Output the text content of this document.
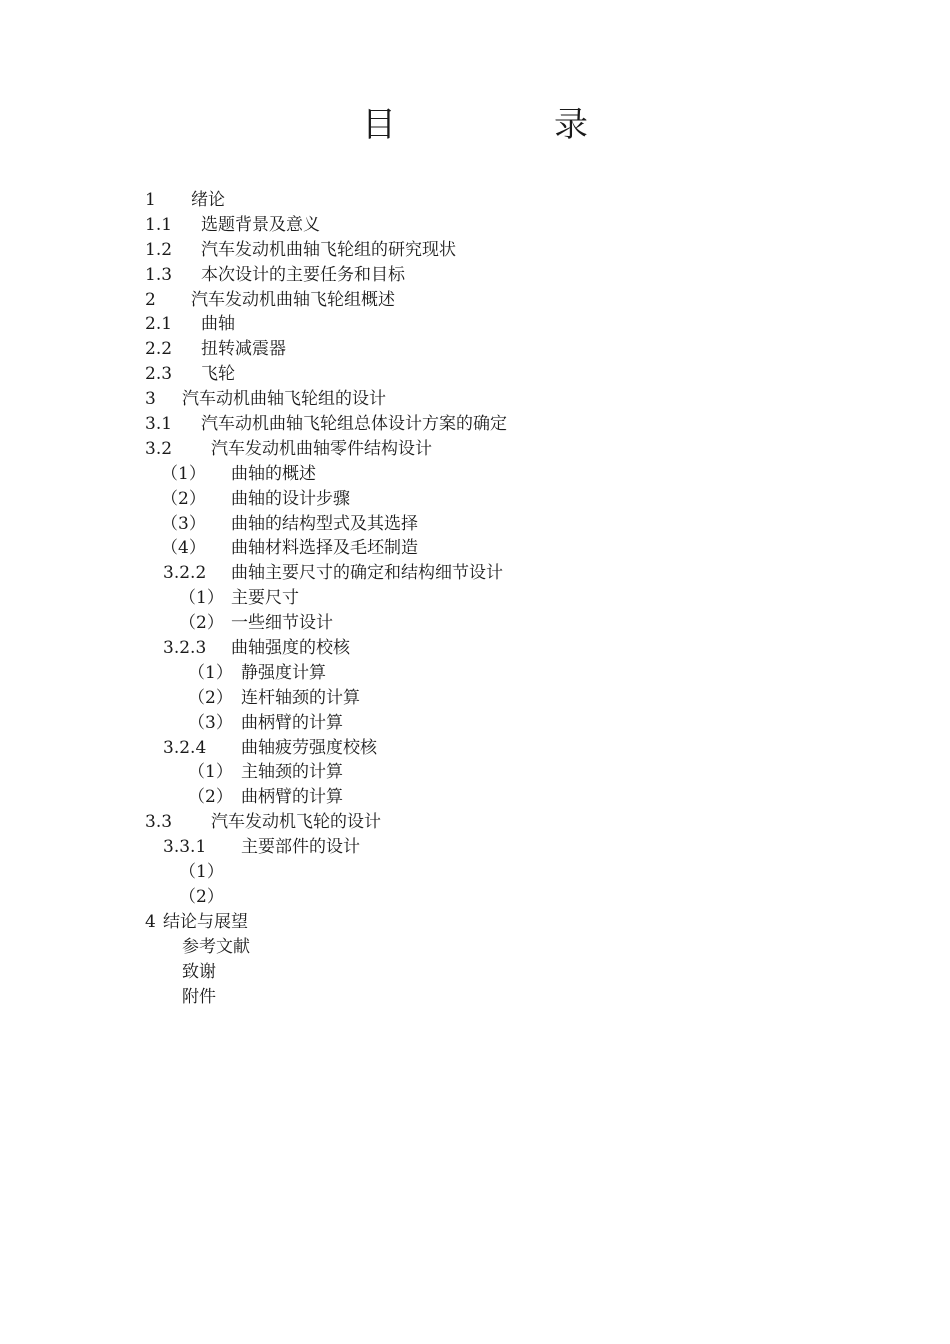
目	录
1 绪论
1.1 选题背景及意义
1.2 汽车发动机曲轴飞轮组的研究现状
1.3 本次设计的主要任务和目标
2 汽车发动机曲轴飞轮组概述
2.1 曲轴
2.2 扭转减震器
2.3 飞轮
3 汽车动机曲轴飞轮组的设计
3.1 汽车动机曲轴飞轮组总体设计方案的确定
3.2 汽车发动机曲轴零件结构设计
（1） 曲轴的概述
（2） 曲轴的设计步骤
（3） 曲轴的结构型式及其选择
（4） 曲轴材料选择及毛坯制造
3.2.2 曲轴主要尺寸的确定和结构细节设计
（1） 主要尺寸
（2） 一些细节设计
3.2.3 曲轴强度的校核
（1） 静强度计算
（2） 连杆轴颈的计算
（3） 曲柄臂的计算
3.2.4 曲轴疲劳强度校核
（1） 主轴颈的计算
（2） 曲柄臂的计算
3.3 汽车发动机飞轮的设计
3.3.1 主要部件的设计
（1）
（2）
4 结论与展望
参考文献
致谢
附件
